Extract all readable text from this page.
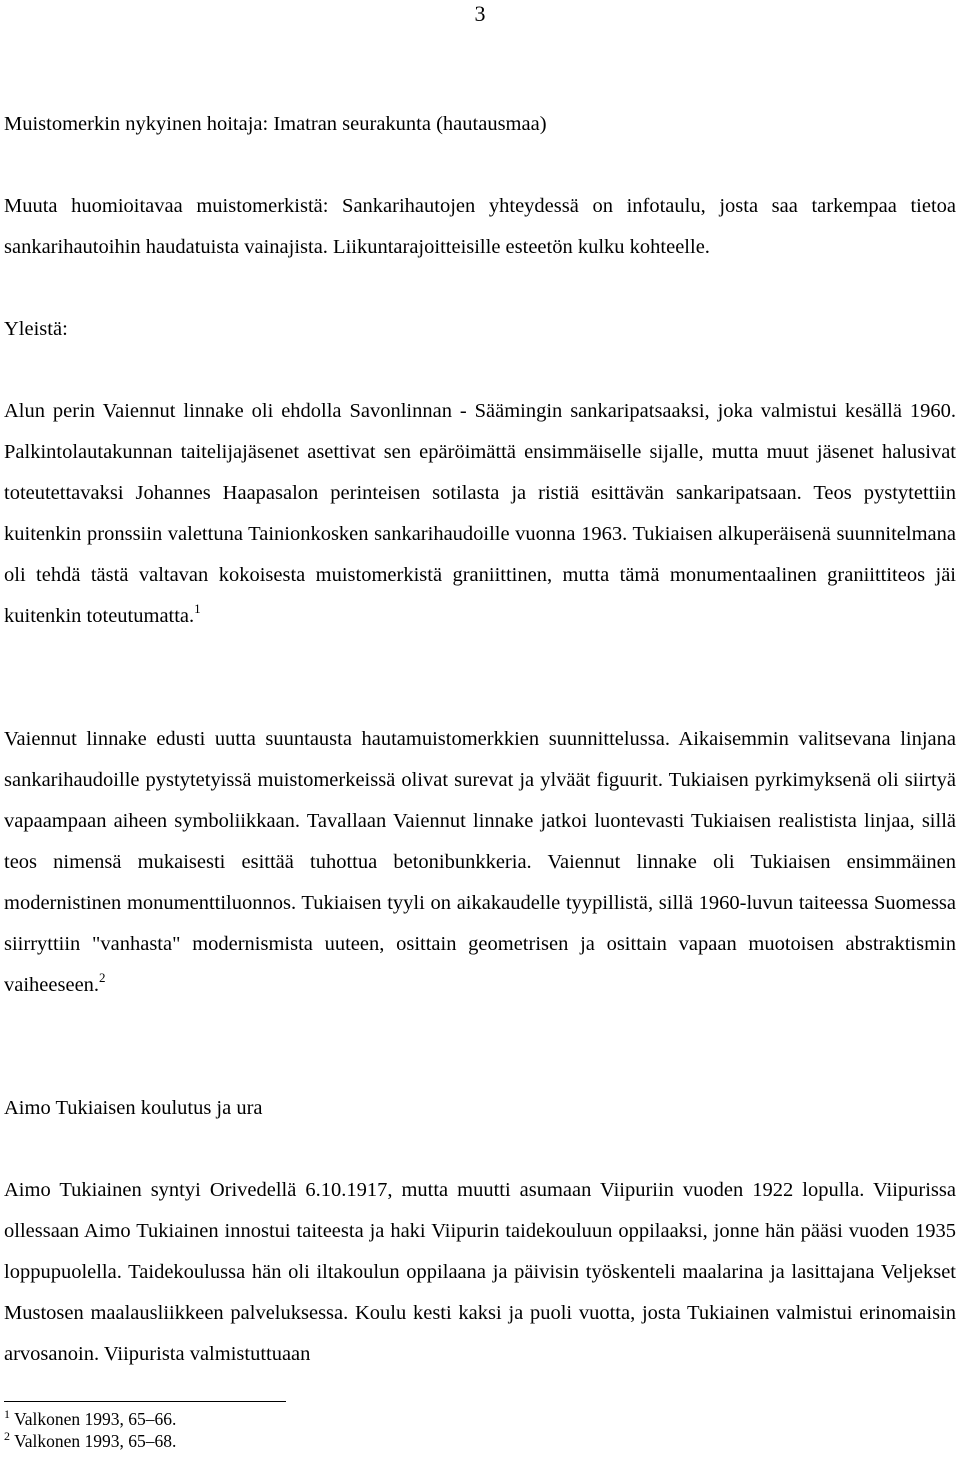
3

Muistomerkin nykyinen hoitaja: Imatran seurakunta (hautausmaa)

Muuta huomioitavaa muistomerkistä: Sankarihautojen yhteydessä on infotaulu, josta saa tarkempaa tietoa sankarihautoihin haudatuista vainajista. Liikuntarajoitteisille esteetön kulku kohteelle.

Yleistä:

Alun perin Vaiennut linnake oli ehdolla Savonlinnan - Säämingin sankaripatsaaksi, joka valmistui kesällä 1960. Palkintolautakunnan taitelijajäsenet asettivat sen epäröimättä ensimmäiselle sijalle, mutta muut jäsenet halusivat toteutettavaksi Johannes Haapasalon perinteisen sotilasta ja ristiä esittävän sankaripatsaan. Teos pystytettiin kuitenkin pronssiin valettuna Tainionkosken sankarihaudoille vuonna 1963. Tukiaisen alkuperäisenä suunnitelmana oli tehdä tästä valtavan kokoisesta muistomerkistä graniittinen, mutta tämä monumentaalinen graniittiteos jäi kuitenkin toteutumatta.$^1$

Vaiennut linnake edusti uutta suuntausta hautamuistomerkkien suunnittelussa. Aikaisemmin valitsevana linjana sankarihaudoille pystytetyissä muistomerkeissä olivat surevat ja ylväät figuurit. Tukiaisen pyrkimyksenä oli siirtyä vapaampaan aiheen symboliikkaan. Tavallaan Vaiennut linnake jatkoi luontevasti Tukiaisen realistista linjaa, sillä teos nimensä mukaisesti esittää tuhottua betonibunkkeria. Vaiennut linnake oli Tukiaisen ensimmäinen modernistinen monumenttiluonnos. Tukiaisen tyyli on aikakaudelle tyypillistä, sillä 1960-luvun taiteessa Suomessa siirryttiin "vanhasta" modernismista uuteen, osittain geometrisen ja osittain vapaan muotoisen abstraktismin vaiheeseen.$^2$

Aimo Tukiaisen koulutus ja ura

Aimo Tukiainen syntyi Orivedellä 6.10.1917, mutta muutti asumaan Viipuriin vuoden 1922 lopulla. Viipurissa ollessaan Aimo Tukiainen innostui taiteesta ja haki Viipurin taidekouluun oppilaaksi, jonne hän pääsi vuoden 1935 loppupuolella. Taidekoulussa hän oli iltakoulun oppilaana ja päivisin työskenteli maalarina ja lasittajana Veljekset Mustosen maalausliikkeen palveluksessa. Koulu kesti kaksi ja puoli vuotta, josta Tukiainen valmistui erinomaisin arvosanoin. Viipurista valmistuttuaan

$^1$ Valkonen 1993, 65–66.
$^2$ Valkonen 1993, 65–68.
